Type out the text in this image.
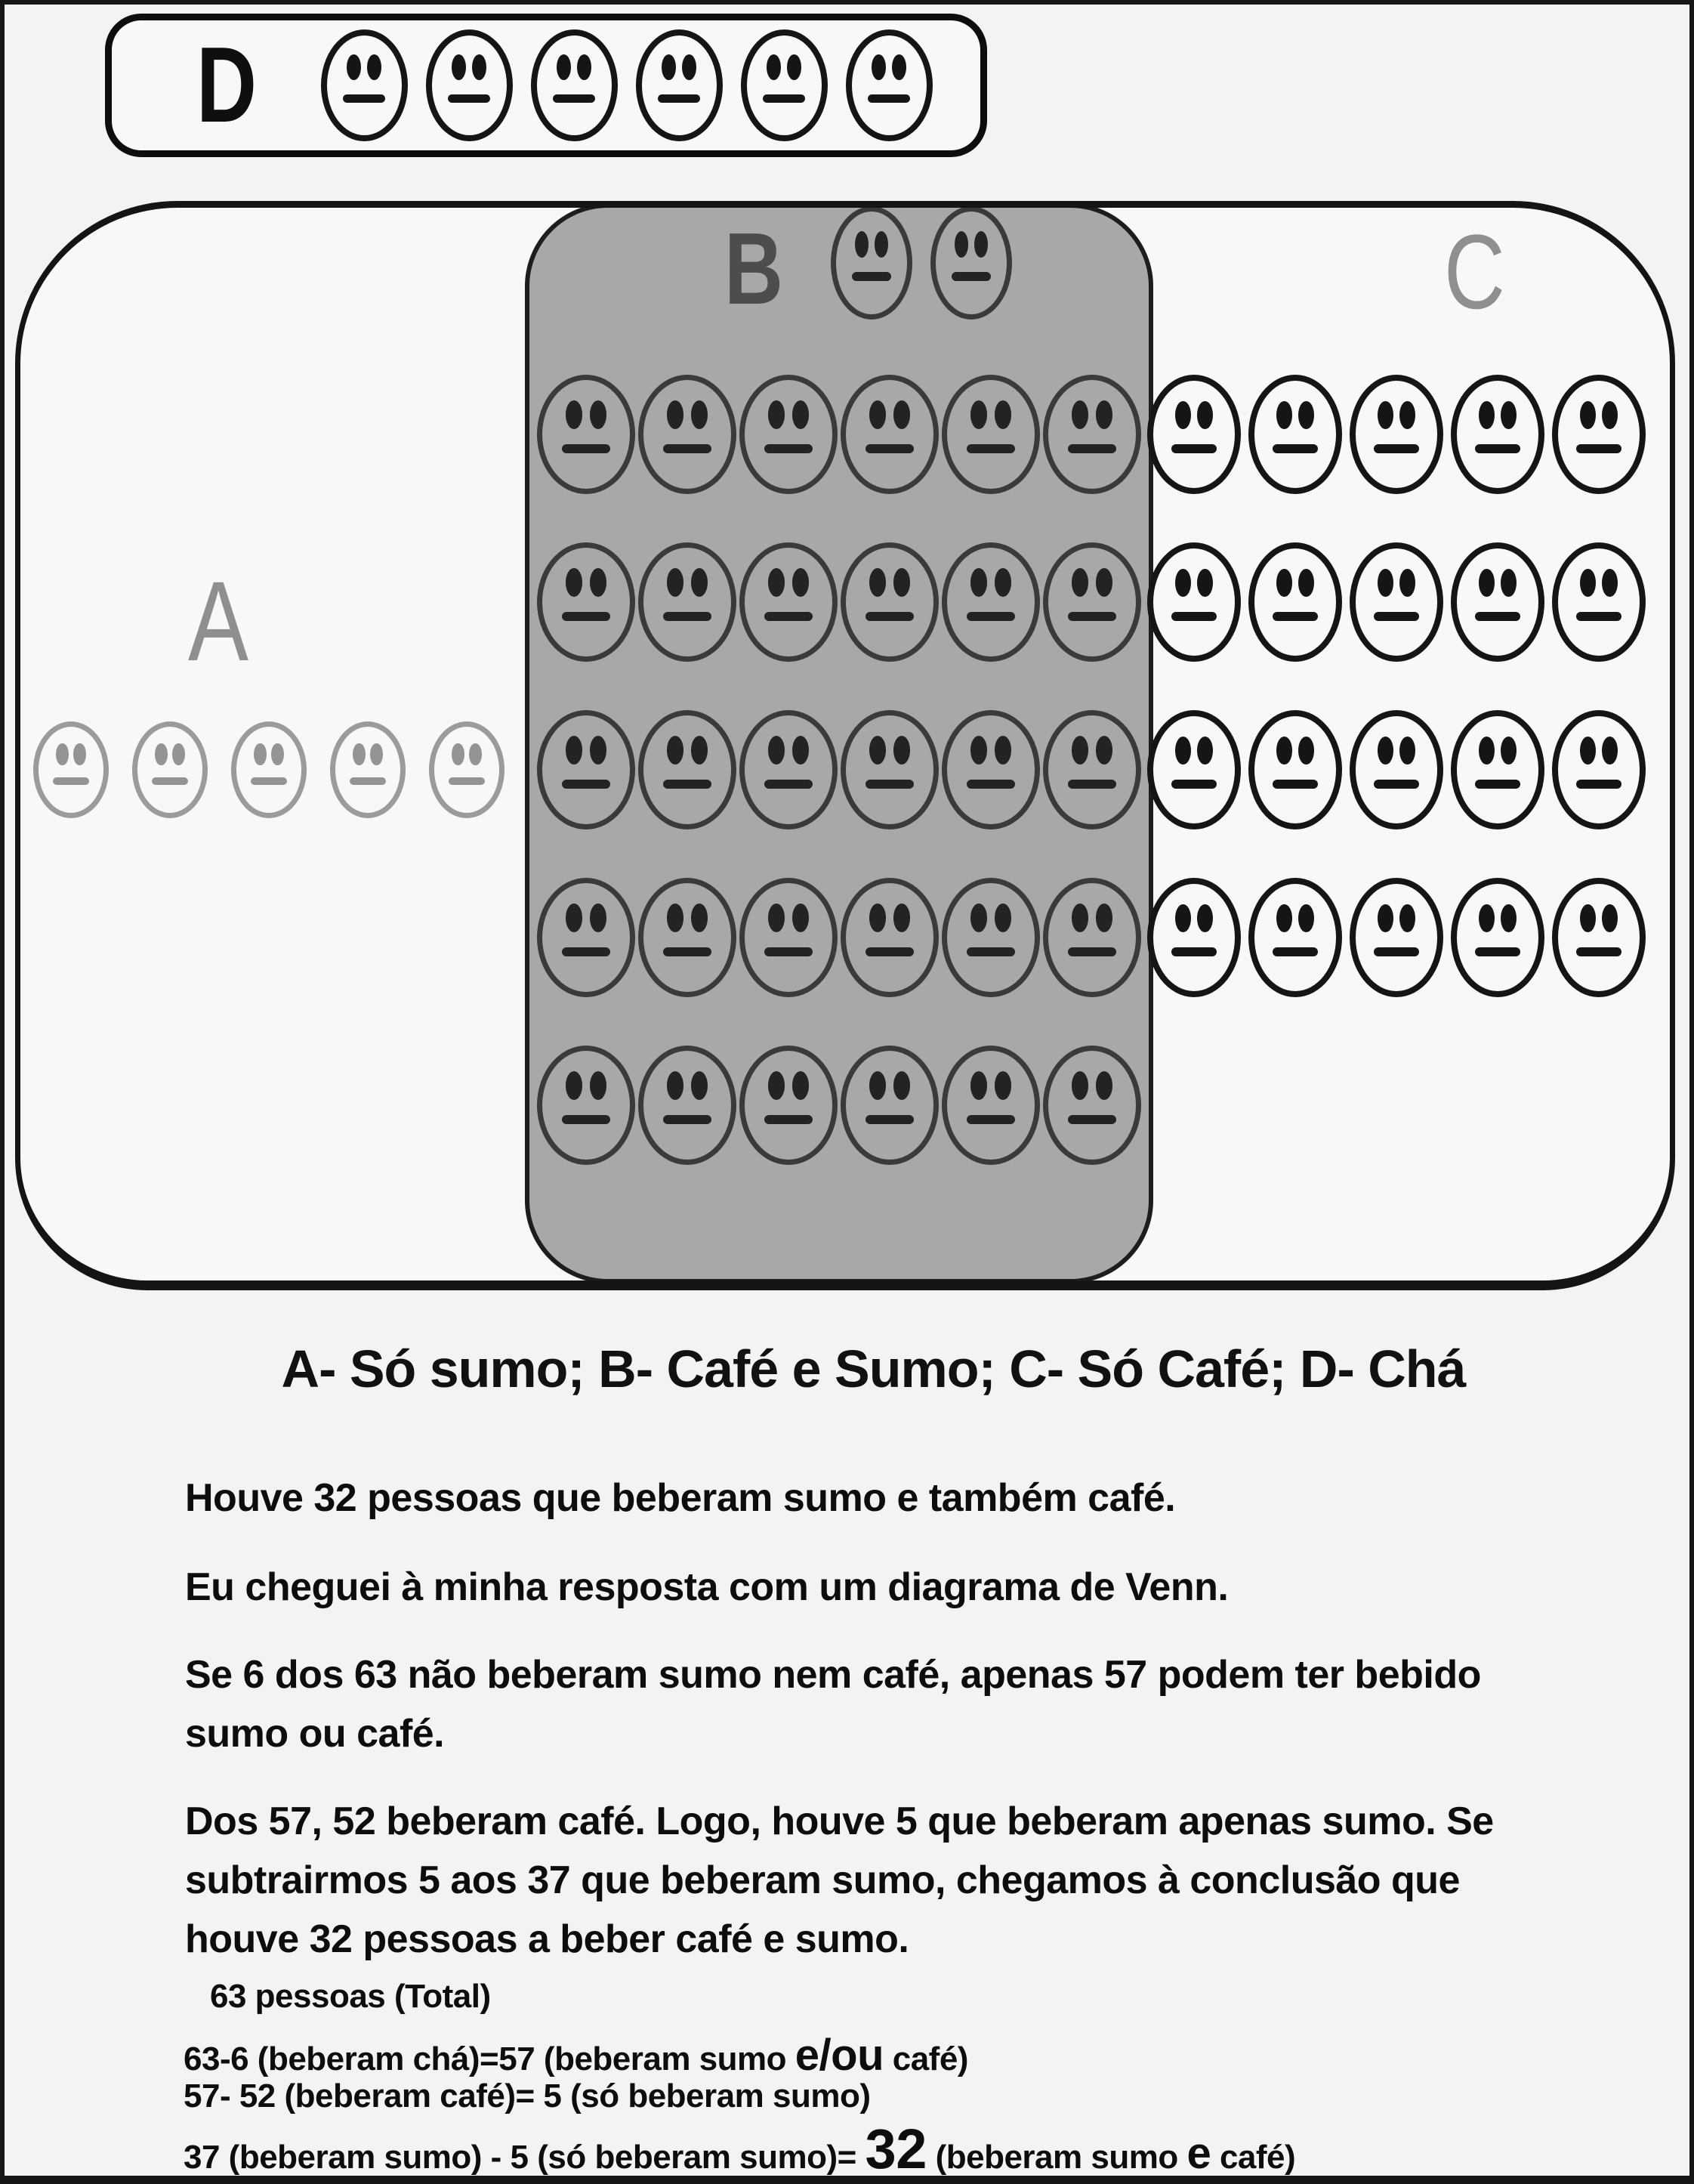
D
A
B	C
A- Só sumo; B- Café e Sumo; C- Só Café; D- Chá
Houve 32 pessoas que beberam sumo e também café.
Eu cheguei à minha resposta com um diagrama de Venn.
Se 6 dos 63 não beberam sumo nem café, apenas 57 podem ter bebido
sumo ou café.
Dos 57, 52 beberam café. Logo, houve 5 que beberam apenas sumo. Se
subtrairmos 5 aos 37 que beberam sumo, chegamos à conclusão que
houve 32 pessoas a beber café e sumo.
63 pessoas (Total)
63-6 (beberam chá)=57 (beberam sumo e/ou café)
57- 52 (beberam café)= 5 (só beberam sumo)
37 (beberam sumo) - 5 (só beberam sumo)= 32 (beberam sumo e café)
